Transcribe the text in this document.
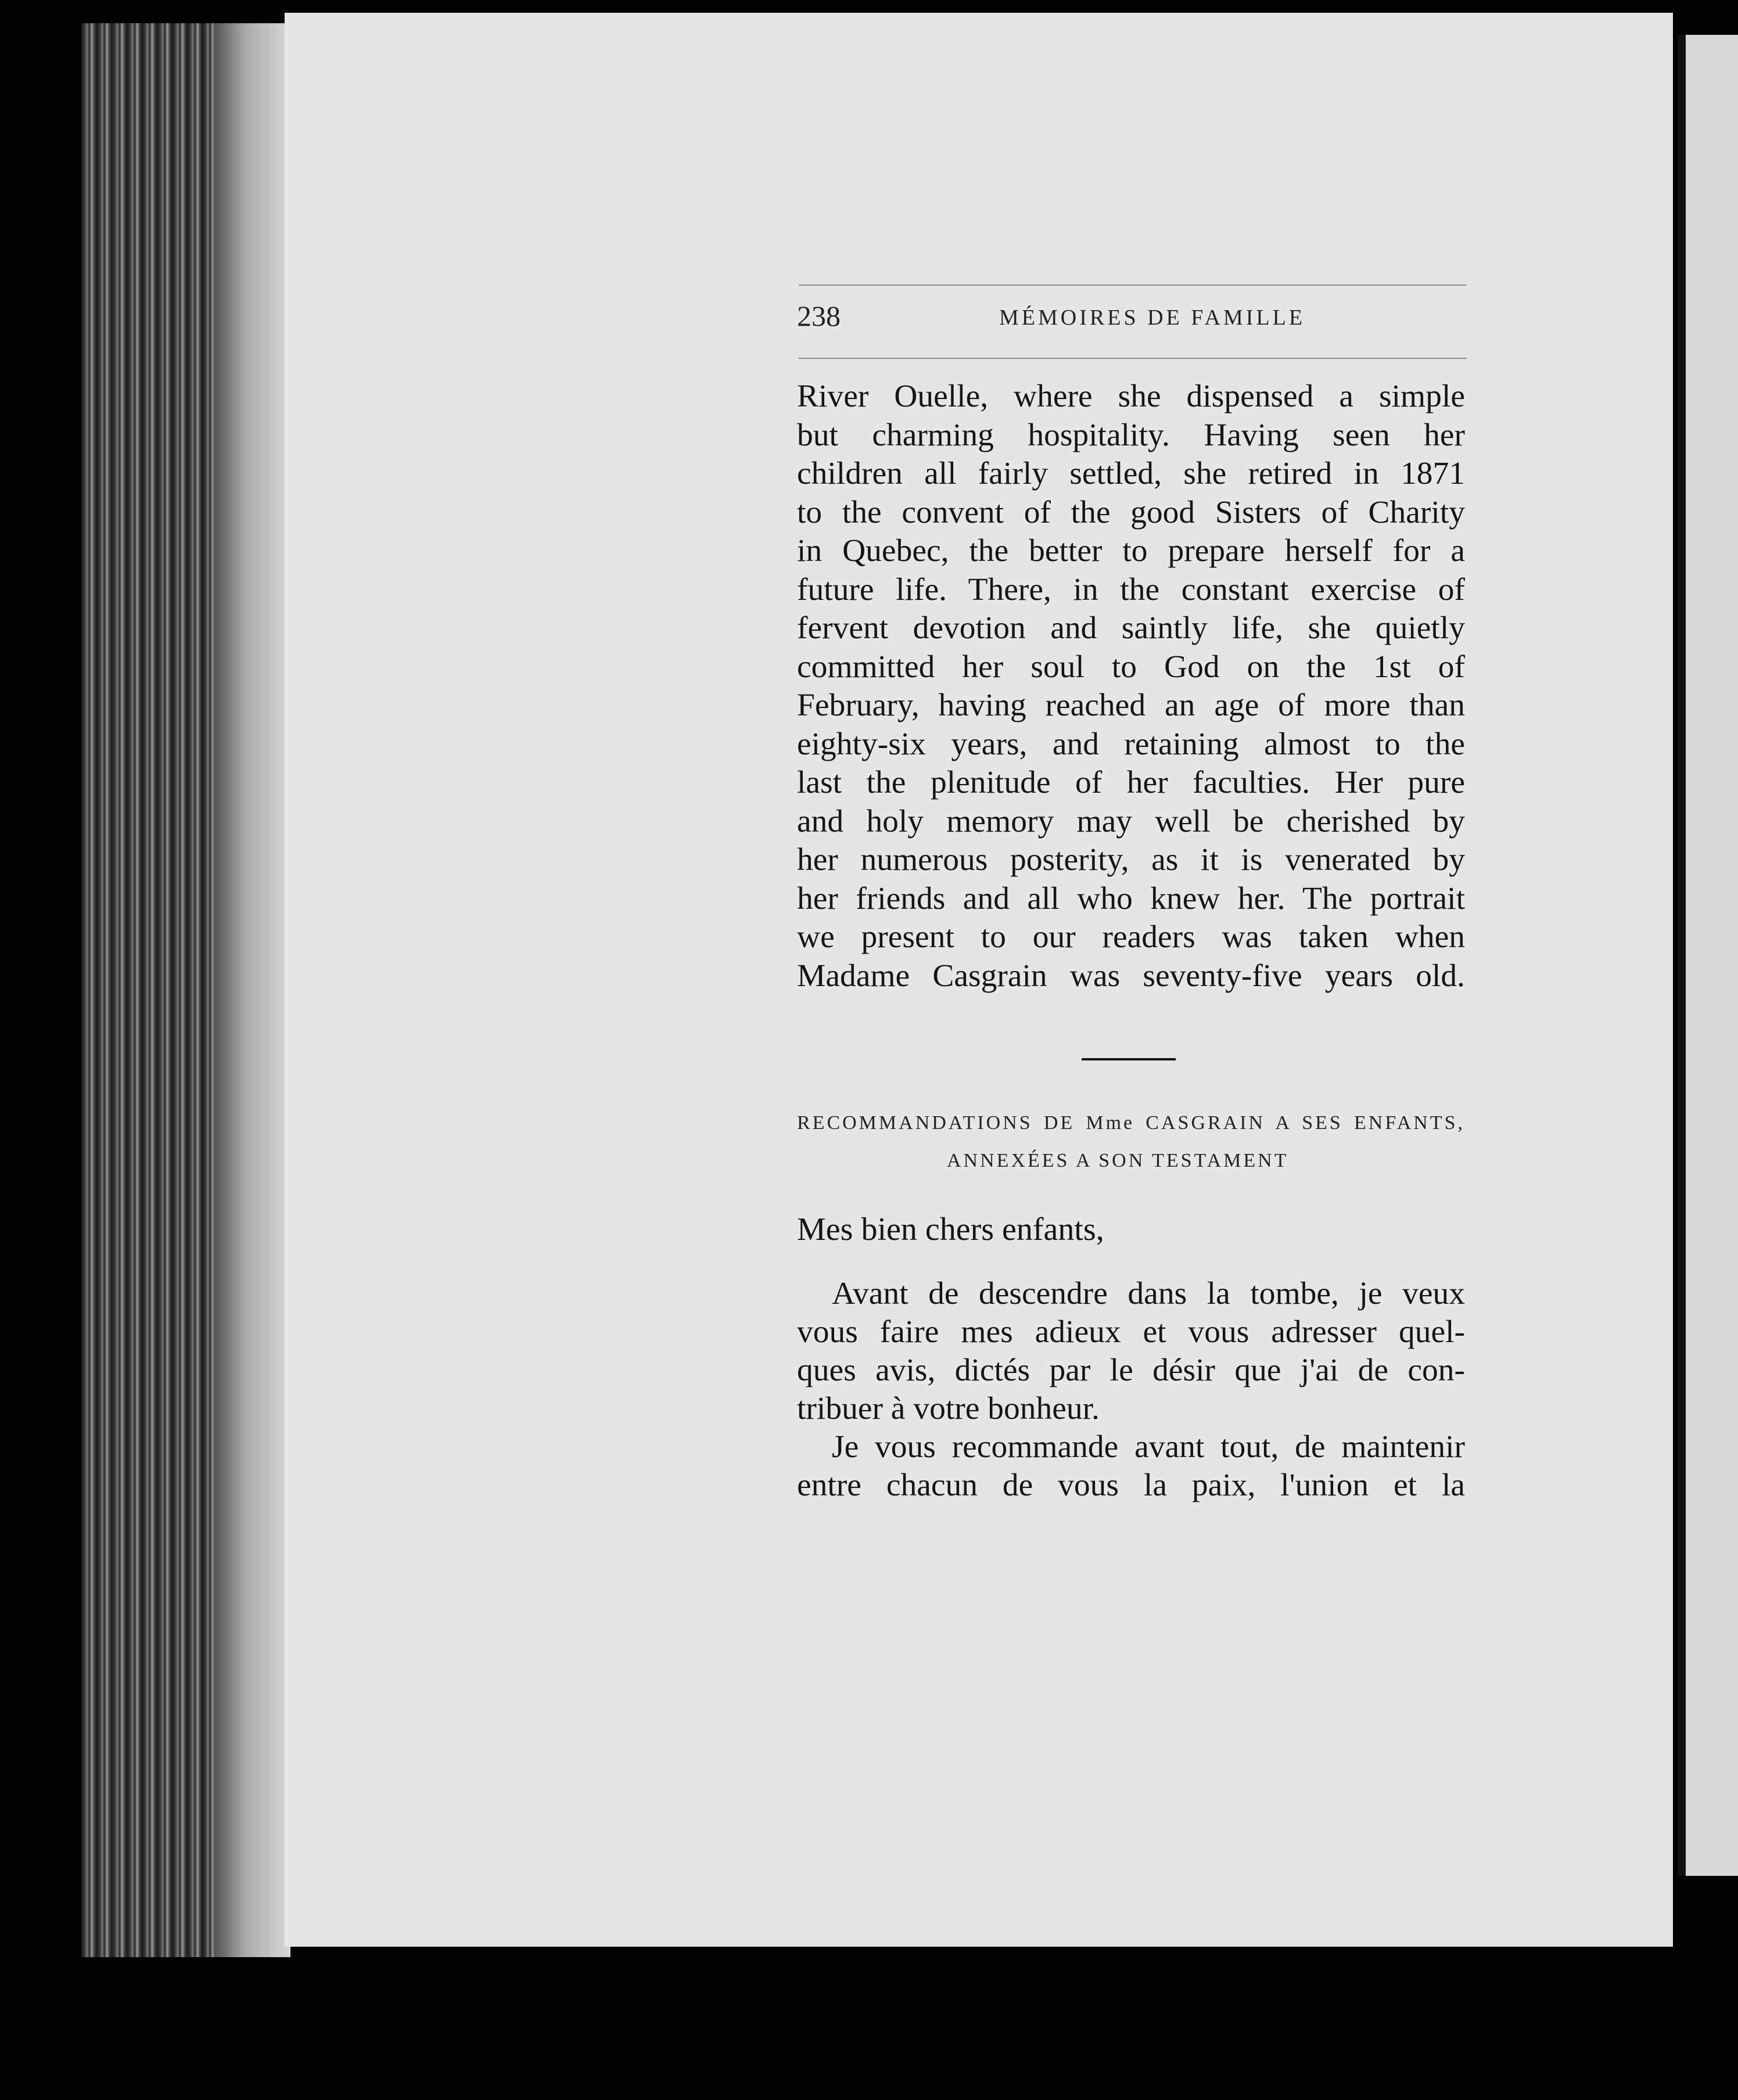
238	MÉMOIRES DE FAMILLE
River Ouelle, where she dispensed a simple
but charming hospitality. Having seen her
children all fairly settled, she retired in 1871
to the convent of the good Sisters of Charity
in Quebec, the better to prepare herself for a
future life. There, in the constant exercise of
fervent devotion and saintly life, she quietly
committed her soul to God on the 1st of
February, having reached an age of more than
eighty-six years, and retaining almost to the
last the plenitude of her faculties. Her pure
and holy memory may well be cherished by
her numerous posterity, as it is venerated by
her friends and all who knew her. The portrait
we present to our readers was taken when
Madame Casgrain was seventy-five years old.
RECOMMANDATIONS DE Mme CASGRAIN A SES ENFANTS,
ANNEXÉES A SON TESTAMENT
Mes bien chers enfants,
Avant de descendre dans la tombe, je veux
vous faire mes adieux et vous adresser quel-
ques avis, dictés par le désir que j'ai de con-
tribuer à votre bonheur.
Je vous recommande avant tout, de maintenir
entre chacun de vous la paix, l'union et la
